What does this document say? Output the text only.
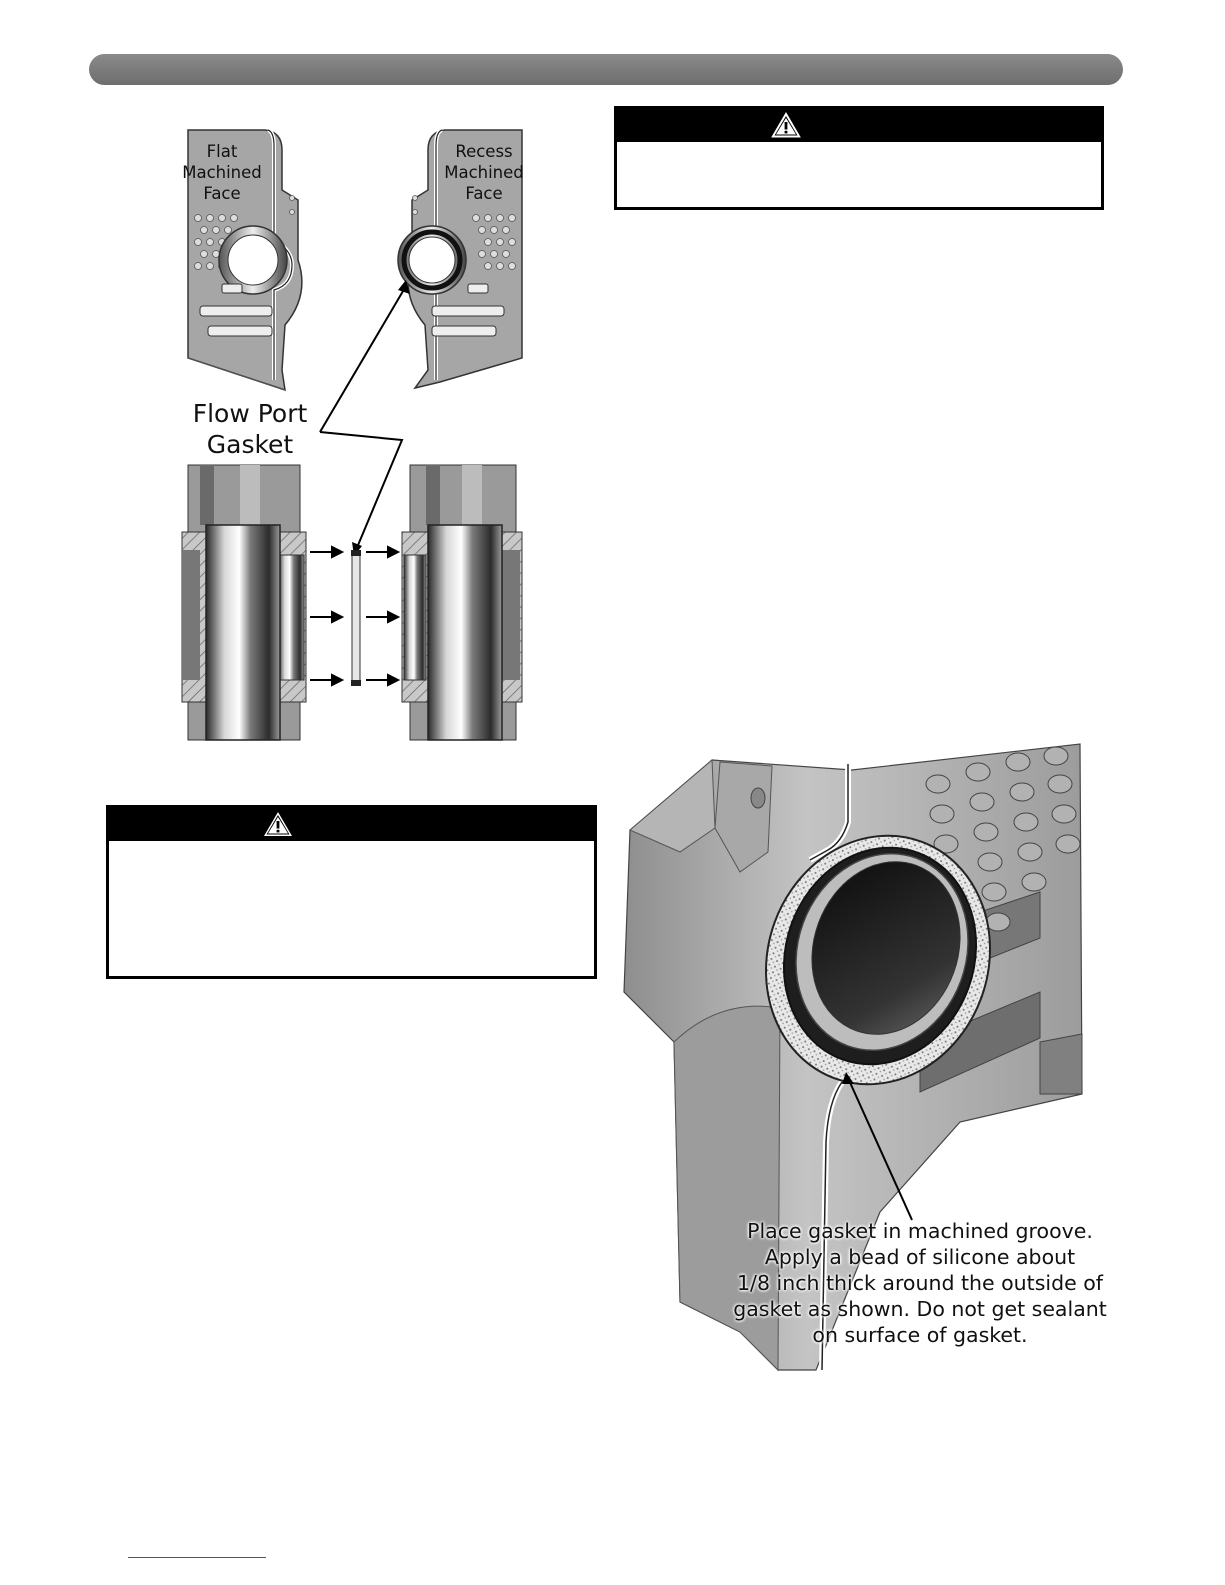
Flat
Machined
Face
Recess
Machined
Face
Flow Port
Gasket
Place gasket in machined groove.
Apply a bead of silicone about
1/8 inch thick around the outside of
gasket as shown. Do not get sealant
on surface of gasket.
